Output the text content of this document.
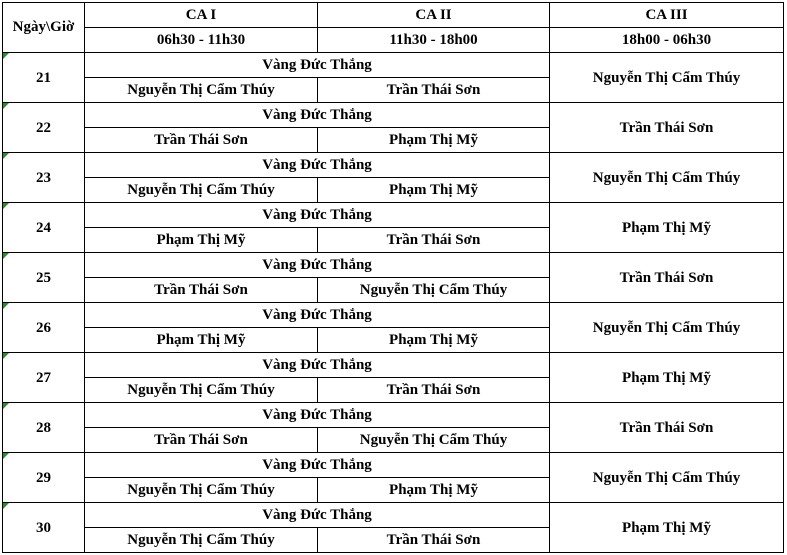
Ngày\Giờ	CA I	CA II	CA III
	06h30 - 11h30	11h30 - 18h00	18h00 - 06h30

21	Vàng Đức Thắng		Nguyễn Thị Cẩm Thúy
	Nguyễn Thị Cẩm Thúy	Trần Thái Sơn	

22	Vàng Đức Thắng		Trần Thái Sơn
	Trần Thái Sơn	Phạm Thị Mỹ	

23	Vàng Đức Thắng		Nguyễn Thị Cẩm Thúy
	Nguyễn Thị Cẩm Thúy	Phạm Thị Mỹ	

24	Vàng Đức Thắng		Phạm Thị Mỹ
	Phạm Thị Mỹ	Trần Thái Sơn	

25	Vàng Đức Thắng		Trần Thái Sơn
	Trần Thái Sơn	Nguyễn Thị Cẩm Thúy	

26	Vàng Đức Thắng		Nguyễn Thị Cẩm Thúy
	Phạm Thị Mỹ	Phạm Thị Mỹ	

27	Vàng Đức Thắng		Phạm Thị Mỹ
	Nguyễn Thị Cẩm Thúy	Trần Thái Sơn	

28	Vàng Đức Thắng		Trần Thái Sơn
	Trần Thái Sơn	Nguyễn Thị Cẩm Thúy	

29	Vàng Đức Thắng		Nguyễn Thị Cẩm Thúy
	Nguyễn Thị Cẩm Thúy	Phạm Thị Mỹ	

30	Vàng Đức Thắng		Phạm Thị Mỹ
	Nguyễn Thị Cẩm Thúy	Trần Thái Sơn	
